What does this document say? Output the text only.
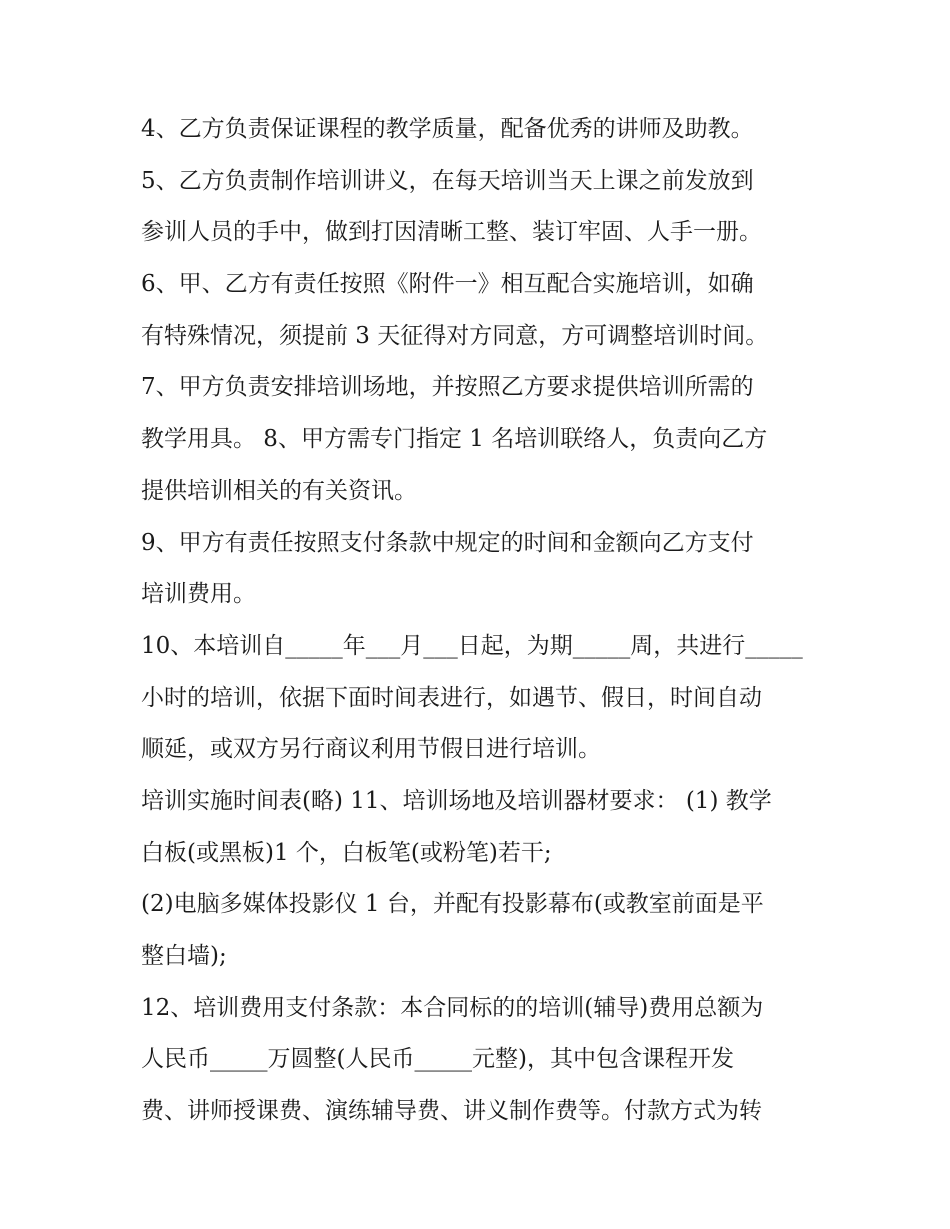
4、乙方负责保证课程的教学质量，配备优秀的讲师及助教。
5、乙方负责制作培训讲义，在每天培训当天上课之前发放到
参训人员的手中，做到打因清晰工整、装订牢固、人手一册。
6、甲、乙方有责任按照《附件一》相互配合实施培训，如确
有特殊情况，须提前 3 天征得对方同意，方可调整培训时间。
7、甲方负责安排培训场地，并按照乙方要求提供培训所需的
教学用具。 8、甲方需专门指定 1 名培训联络人，负责向乙方
提供培训相关的有关资讯。
9、甲方有责任按照支付条款中规定的时间和金额向乙方支付
培训费用。
10、本培训自_____年___月___日起，为期_____周，共进行_____
小时的培训，依据下面时间表进行，如遇节、假日，时间自动
顺延，或双方另行商议利用节假日进行培训。
培训实施时间表(略) 11、培训场地及培训器材要求： (1) 教学
白板(或黑板)1 个，白板笔(或粉笔)若干;
(2)电脑多媒体投影仪 1 台，并配有投影幕布(或教室前面是平
整白墙);
12、培训费用支付条款：本合同标的的培训(辅导)费用总额为
人民币_____万圆整(人民币_____元整)，其中包含课程开发
费、讲师授课费、演练辅导费、讲义制作费等。付款方式为转
